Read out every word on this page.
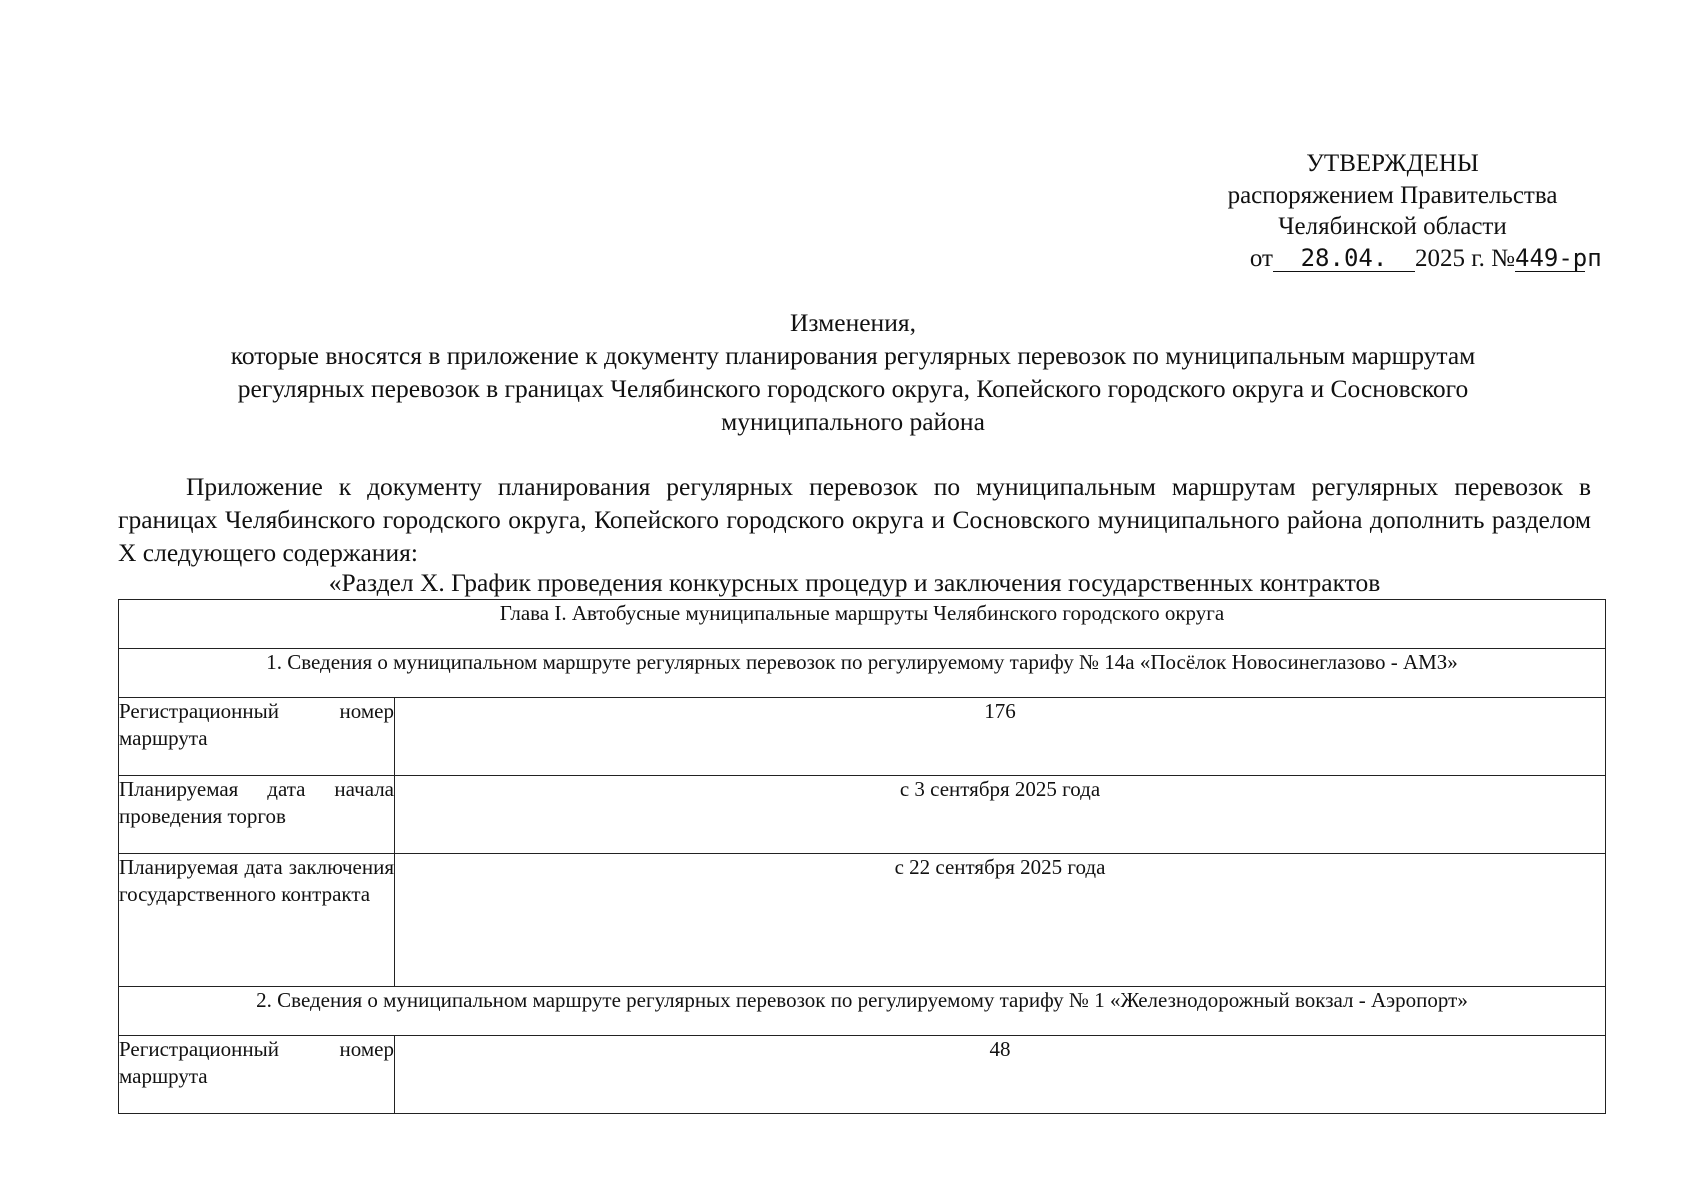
УТВЕРЖДЕНЫ
распоряжением Правительства
Челябинской области
от 28.04. 2025 г. №449-рп
Изменения,
которые вносятся в приложение к документу планирования регулярных перевозок по муниципальным маршрутам
регулярных перевозок в границах Челябинского городского округа, Копейского городского округа и Сосновского
муниципального района

Приложение к документу планирования регулярных перевозок по муниципальным маршрутам регулярных перевозок в границах Челябинского городского округа, Копейского городского округа и Сосновского муниципального района дополнить разделом X следующего содержания:

«Раздел X. График проведения конкурсных процедур и заключения государственных контрактов
Глава I. Автобусные муниципальные маршруты Челябинского городского округа	
1. Сведения о муниципальном маршруте регулярных перевозок по регулируемому тарифу № 14а «Посёлок Новосинеглазово - АМЗ»	
Регистрационный номер маршрута	176
Планируемая дата начала проведения торгов	с 3 сентября 2025 года
Планируемая дата заключения государственного контракта	с 22 сентября 2025 года
2. Сведения о муниципальном маршруте регулярных перевозок по регулируемому тарифу № 1 «Железнодорожный вокзал - Аэропорт»	
Регистрационный номер маршрута	48
